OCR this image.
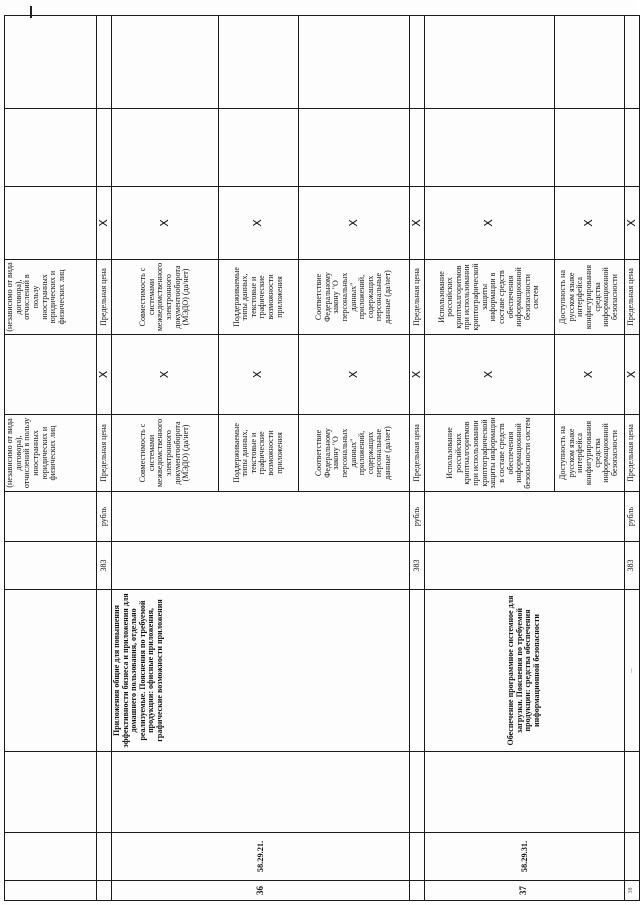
						(независимо от вида договора), отчислений в пользу иностранных юридических и физических лиц		(независимо от вида договора), отчислений в пользу иностранных юридических и физических лиц			
				383	рубль	Предельная цена	X	Предельная цена	X		
36	58.29.21.		Приложения общие для повышения эффективности бизнеса и приложения для домашнего пользования, отдельно реализуемые. Пояснения по требуемой продукции: офисные приложения, графические возможности приложения			Совместимость с системами межведомственного электронного документооборота (МЭДО) (да/нет)	X	Совместимость с системами межведомственного электронного документооборота (МЭДО) (да/нет)	X		
						Поддерживаемые типы данных, текстовые и графические возможности приложения	X	Поддерживаемые типы данных, текстовые и графические возможности приложения	X		
						Соответствие Федеральному закону "О персональных данных" приложений, содержащих персональные данные (да/нет)	X	Соответствие Федеральному закону "О персональных данных" приложений, содержащих персональные данные (да/нет)	X		
				383	рубль	Предельная цена	X	Предельная цена	X		
37	58.29.31.		Обеспечение программное системное для загрузки. Пояснения по требуемой продукции: средства обеспечения информационной безопасности			Использование российских криптоалгоритмов при использовании криптографической защиты информации в составе средств обеспечения информационной безопасности систем	X	Использование российских криптоалгоритмов при использовании криптографической защиты информации в составе средств обеспечения информационной безопасности систем	X		
						Доступность на русском языке интерфейса конфигурирования средства информационной безопасности	X	Доступность на русском языке интерфейса конфигурирования средства информационной безопасности	X		
38			...	383	рубль	Предельная цена	X	Предельная цена	X		
